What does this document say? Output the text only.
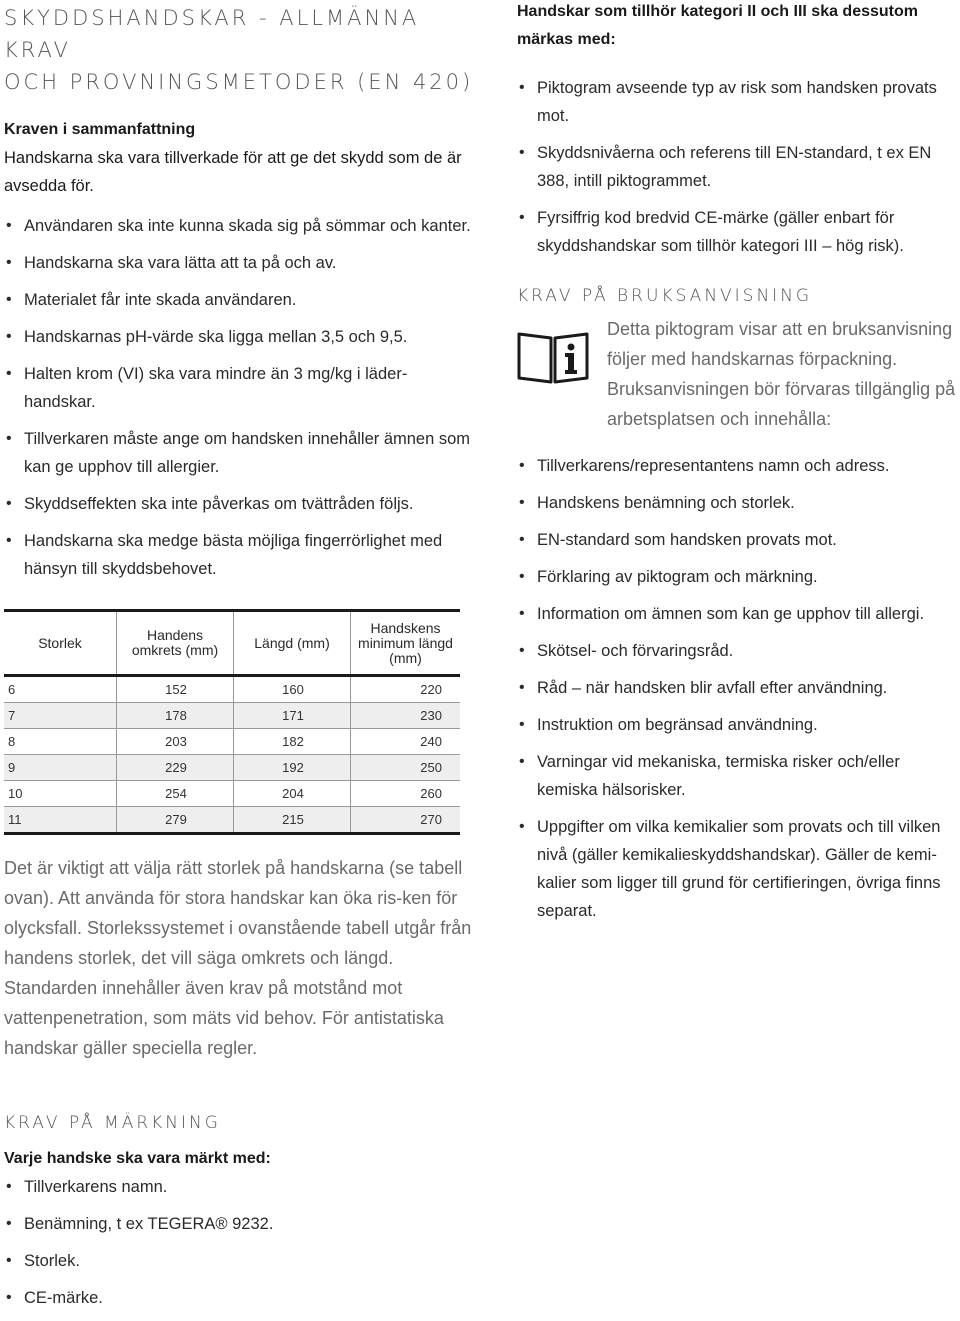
SKYDDSHANDSKAR - ALLMÄNNA KRAV
OCH PROVNINGSMETODER (EN 420)

Kraven i sammanfattning

Handskarna ska vara tillverkade för att ge det skydd som de är avsedda för.

• Användaren ska inte kunna skada sig på sömmar och kanter.
• Handskarna ska vara lätta att ta på och av.
• Materialet får inte skada användaren.
• Handskarnas pH-värde ska ligga mellan 3,5 och 9,5.
• Halten krom (VI) ska vara mindre än 3 mg/kg i läder-handskar.
• Tillverkaren måste ange om handsken innehåller ämnen som kan ge upphov till allergier.
• Skyddseffekten ska inte påverkas om tvättråden följs.
• Handskarna ska medge bästa möjliga fingerrörlighet med hänsyn till skyddsbehovet.
Storlek	Handens omkrets (mm)	Längd (mm)	Handskens minimum längd (mm)
6	152	160	220
7	178	171	230
8	203	182	240
9	229	192	250
10	254	204	260
11	279	215	270

Det är viktigt att välja rätt storlek på handskarna (se tabell ovan). Att använda för stora handskar kan öka ris-ken för olycksfall. Storlekssystemet i ovanstående tabell utgår från handens storlek, det vill säga omkrets och längd. Standarden innehåller även krav på motstånd mot vattenpenetration, som mäts vid behov. För antistatiska handskar gäller speciella regler.

KRAV PÅ MÄRKNING

Varje handske ska vara märkt med:

• Tillverkarens namn.
• Benämning, t ex TEGERA® 9232.
• Storlek.
• CE-märke.

Handskar som tillhör kategori II och III ska dessutom märkas med:

• Piktogram avseende typ av risk som handsken provats mot.
• Skyddsnivåerna och referens till EN-standard, t ex EN 388, intill piktogrammet.
• Fyrsiffrig kod bredvid CE-märke (gäller enbart för skyddshandskar som tillhör kategori III – hög risk).
KRAV PÅ BRUKSANVISNING

Detta piktogram visar att en bruksanvisning följer med handskarnas förpackning. Bruksanvisningen bör förvaras tillgänglig på arbetsplatsen och innehålla:

• Tillverkarens/representantens namn och adress.
• Handskens benämning och storlek.
• EN-standard som handsken provats mot.
• Förklaring av piktogram och märkning.
• Information om ämnen som kan ge upphov till allergi.
• Skötsel- och förvaringsråd.
• Råd – när handsken blir avfall efter användning.
• Instruktion om begränsad användning.
• Varningar vid mekaniska, termiska risker och/eller kemiska hälsorisker.
• Uppgifter om vilka kemikalier som provats och till vilken nivå (gäller kemikalieskyddshandskar). Gäller de kemi-kalier som ligger till grund för certifieringen, övriga finns separat.
